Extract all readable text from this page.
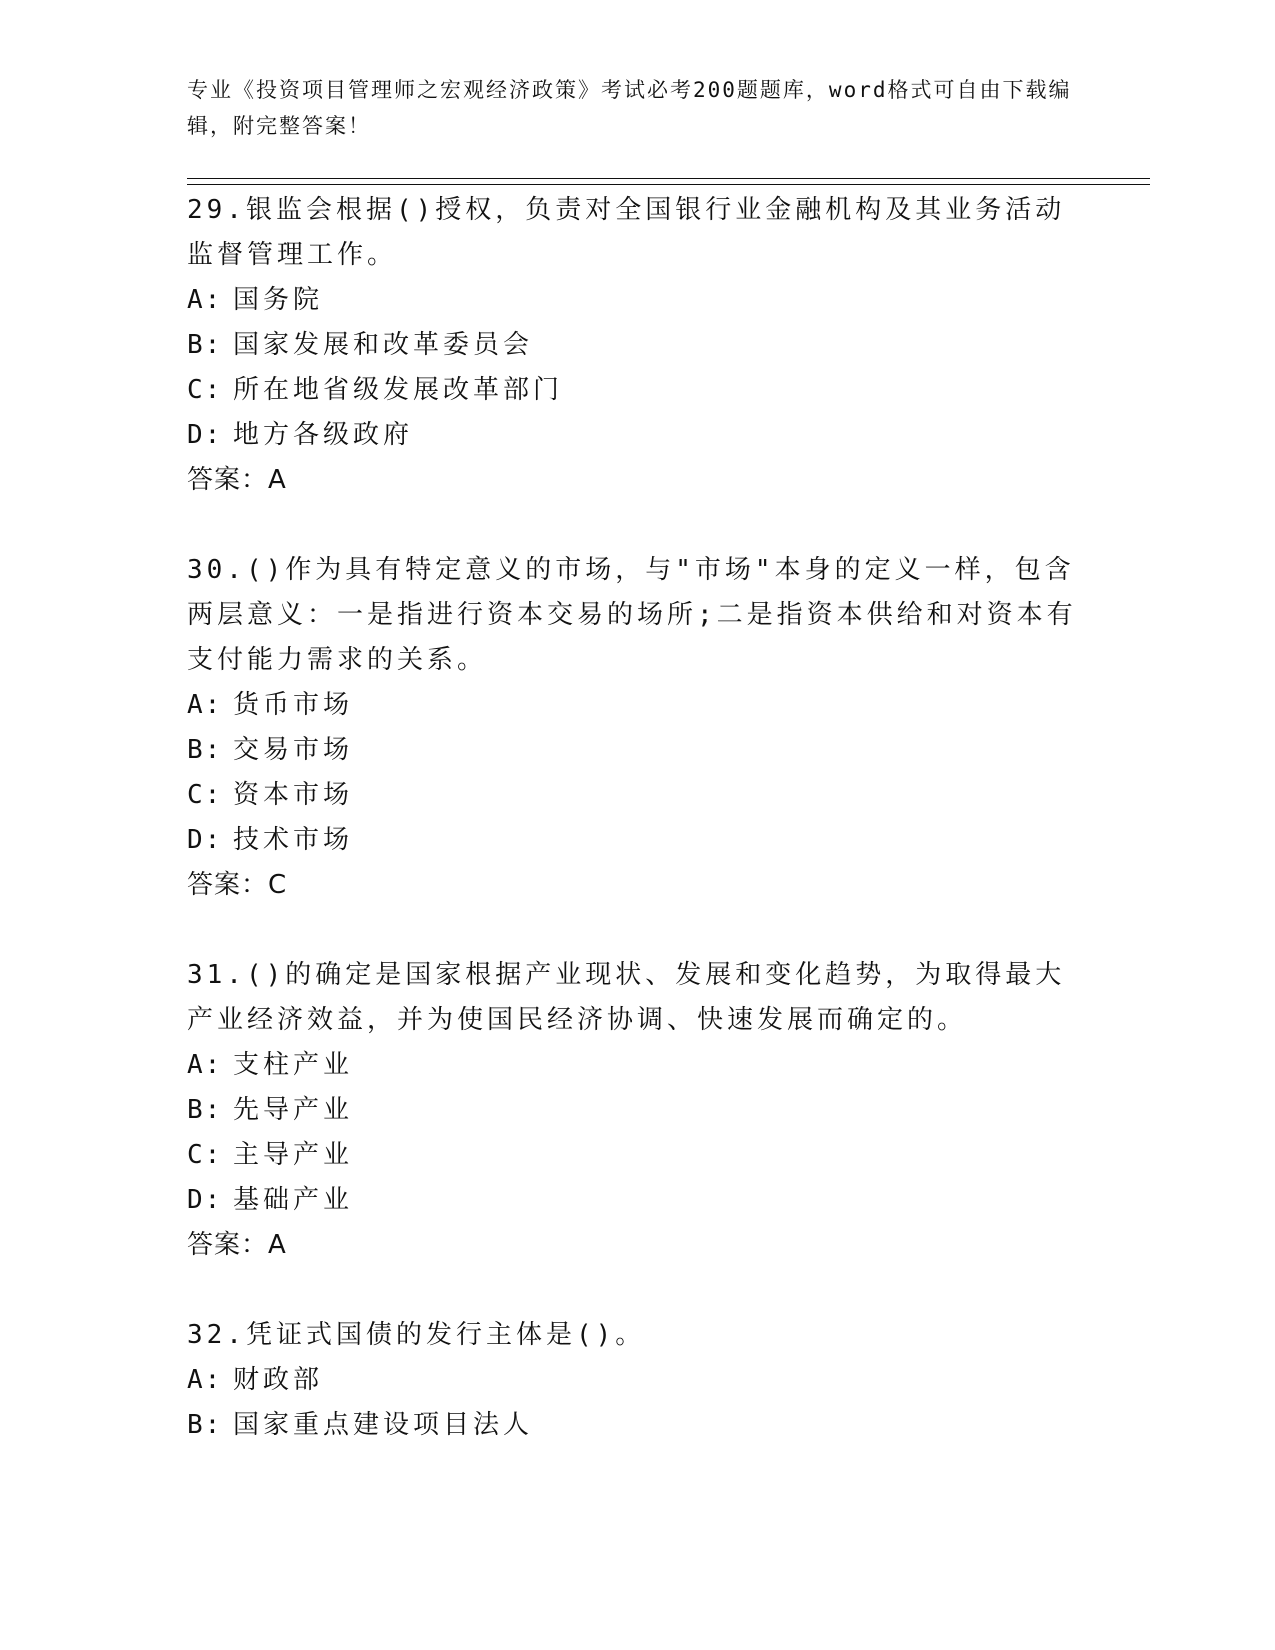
专业《投资项目管理师之宏观经济政策》考试必考200题题库，word格式可自由下载编辑，附完整答案！
29.银监会根据()授权，负责对全国银行业金融机构及其业务活动监督管理工作。
A: 国务院
B: 国家发展和改革委员会
C: 所在地省级发展改革部门
D: 地方各级政府
答案：A
30.()作为具有特定意义的市场，与"市场"本身的定义一样，包含两层意义：一是指进行资本交易的场所;二是指资本供给和对资本有支付能力需求的关系。
A: 货币市场
B: 交易市场
C: 资本市场
D: 技术市场
答案：C
31.()的确定是国家根据产业现状、发展和变化趋势，为取得最大产业经济效益，并为使国民经济协调、快速发展而确定的。
A: 支柱产业
B: 先导产业
C: 主导产业
D: 基础产业
答案：A
32.凭证式国债的发行主体是()。
A: 财政部
B: 国家重点建设项目法人
